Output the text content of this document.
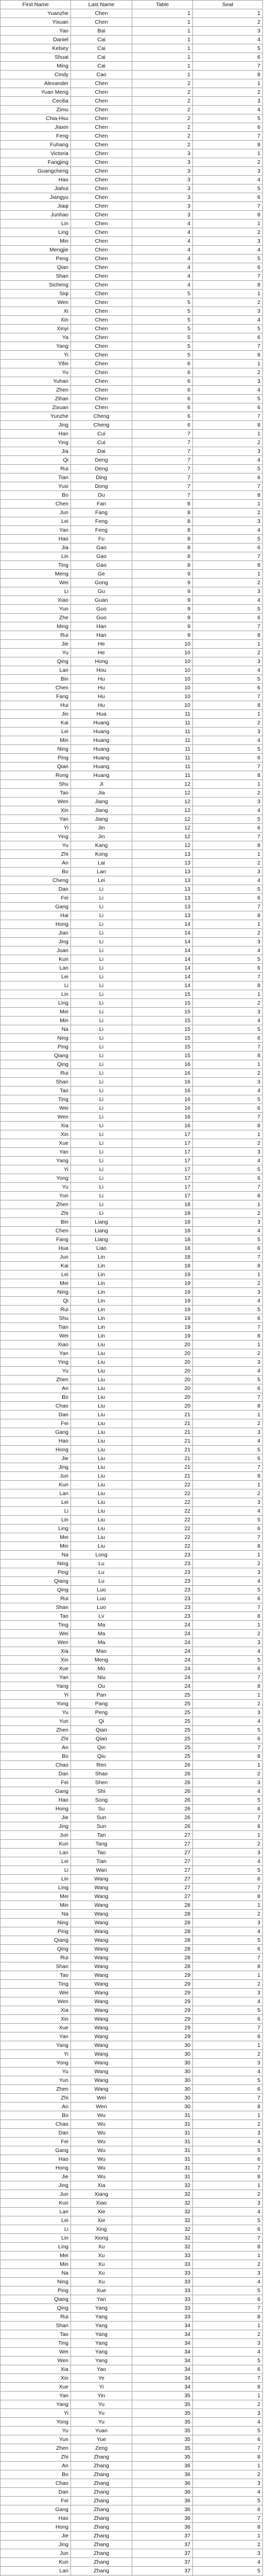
First Name	Last Name	Table	Seat
Yuanzhe	Chen	1	1
Yixuan	Chen	1	2
Yao	Bai	1	3
Daniel	Cai	1	4
Kelsey	Cai	1	5
Shuai	Cai	1	6
Ming	Cai	1	7
Cindy	Cao	1	8
Alexander	Chen	2	1
Yuan Meng	Chen	2	2
Cecilia	Chen	2	3
Zimu	Chen	2	4
Chia-Hsu	Chen	2	5
Jiaxin	Chen	2	6
Feng	Chen	2	7
Fuhang	Chen	2	8
Victoria	Chen	3	1
Fangjing	Chen	3	2
Guangcheng	Chen	3	3
Hao	Chen	3	4
Jiahui	Chen	3	5
Jiangyu	Chen	3	6
Jiaqi	Chen	3	7
Junhao	Chen	3	8
Lin	Chen	4	1
Ling	Chen	4	2
Min	Chen	4	3
Mengjie	Chen	4	4
Peng	Chen	4	5
Qian	Chen	4	6
Shan	Chen	4	7
Sicheng	Chen	4	8
Siqi	Chen	5	1
Wen	Chen	5	2
Xi	Chen	5	3
Xin	Chen	5	4
Xinyi	Chen	5	5
Ya	Chen	5	6
Yang	Chen	5	7
Yi	Chen	5	8
Yifei	Chen	6	1
Yu	Chen	6	2
Yuhan	Chen	6	3
Zhen	Chen	6	4
Zihan	Chen	6	5
Zixuan	Chen	6	6
Yunzhe	Cheng	6	7
Jing	Cheng	6	8
Han	Cui	7	1
Ying	Cui	7	2
Jia	Dai	7	3
Qi	Deng	7	4
Rui	Deng	7	5
Tian	Ding	7	6
Yuxi	Dong	7	7
Bo	Du	7	8
Chen	Fan	8	1
Jun	Fang	8	2
Lei	Feng	8	3
Yan	Feng	8	4
Hao	Fu	8	5
Jia	Gao	8	6
Lin	Gao	8	7
Ting	Gao	8	8
Meng	Ge	9	1
Wei	Gong	9	2
Li	Gu	9	3
Xiao	Guan	9	4
Yun	Guo	9	5
Zhe	Guo	9	6
Ming	Han	9	7
Rui	Han	9	8
Jie	He	10	1
Yu	He	10	2
Qing	Hong	10	3
Lan	Hou	10	4
Bin	Hu	10	5
Chen	Hu	10	6
Fang	Hu	10	7
Hui	Hu	10	8
Jin	Hua	11	1
Kai	Huang	11	2
Lei	Huang	11	3
Min	Huang	11	4
Ning	Huang	11	5
Ping	Huang	11	6
Qian	Huang	11	7
Rong	Huang	11	8
Shu	Ji	12	1
Tao	Jia	12	2
Wen	Jiang	12	3
Xin	Jiang	12	4
Yan	Jiang	12	5
Yi	Jin	12	6
Ying	Jin	12	7
Yu	Kang	12	8
Zhi	Kong	13	1
An	Lai	13	2
Bo	Lan	13	3
Cheng	Lei	13	4
Dan	Li	13	5
Fei	Li	13	6
Gang	Li	13	7
Hai	Li	13	8
Hong	Li	14	1
Jian	Li	14	2
Jing	Li	14	3
Juan	Li	14	4
Kun	Li	14	5
Lan	Li	14	6
Lei	Li	14	7
Li	Li	14	8
Lin	Li	15	1
Ling	Li	15	2
Mei	Li	15	3
Min	Li	15	4
Na	Li	15	5
Ning	Li	15	6
Ping	Li	15	7
Qiang	Li	15	8
Qing	Li	16	1
Rui	Li	16	2
Shan	Li	16	3
Tao	Li	16	4
Ting	Li	16	5
Wei	Li	16	6
Wen	Li	16	7
Xia	Li	16	8
Xin	Li	17	1
Xue	Li	17	2
Yan	Li	17	3
Yang	Li	17	4
Yi	Li	17	5
Yong	Li	17	6
Yu	Li	17	7
Yun	Li	17	8
Zhen	Li	18	1
Zhi	Li	18	2
Bin	Liang	18	3
Chen	Liang	18	4
Fang	Liang	18	5
Hua	Liao	18	6
Jun	Lin	18	7
Kai	Lin	18	8
Lei	Lin	19	1
Mei	Lin	19	2
Ning	Lin	19	3
Qi	Lin	19	4
Rui	Lin	19	5
Shu	Lin	19	6
Tian	Lin	19	7
Wei	Lin	19	8
Xiao	Liu	20	1
Yan	Liu	20	2
Ying	Liu	20	3
Yu	Liu	20	4
Zhen	Liu	20	5
An	Liu	20	6
Bo	Liu	20	7
Chao	Liu	20	8
Dan	Liu	21	1
Fei	Liu	21	2
Gang	Liu	21	3
Hao	Liu	21	4
Hong	Liu	21	5
Jie	Liu	21	6
Jing	Liu	21	7
Jun	Liu	21	8
Kun	Liu	22	1
Lan	Liu	22	2
Lei	Liu	22	3
Li	Liu	22	4
Lin	Liu	22	5
Ling	Liu	22	6
Mei	Liu	22	7
Min	Liu	22	8
Na	Long	23	1
Ning	Lu	23	2
Ping	Lu	23	3
Qiang	Lu	23	4
Qing	Luo	23	5
Rui	Luo	23	6
Shan	Luo	23	7
Tao	Lv	23	8
Ting	Ma	24	1
Wei	Ma	24	2
Wen	Ma	24	3
Xia	Mao	24	4
Xin	Meng	24	5
Xue	Mo	24	6
Yan	Niu	24	7
Yang	Ou	24	8
Yi	Pan	25	1
Yong	Pang	25	2
Yu	Peng	25	3
Yun	Qi	25	4
Zhen	Qian	25	5
Zhi	Qiao	25	6
An	Qin	25	7
Bo	Qiu	25	8
Chao	Ren	26	1
Dan	Shao	26	2
Fei	Shen	26	3
Gang	Shi	26	4
Hao	Song	26	5
Hong	Su	26	6
Jie	Sun	26	7
Jing	Sun	26	8
Jun	Tan	27	1
Kun	Tang	27	2
Lan	Tao	27	3
Lei	Tian	27	4
Li	Wan	27	5
Lin	Wang	27	6
Ling	Wang	27	7
Mei	Wang	27	8
Min	Wang	28	1
Na	Wang	28	2
Ning	Wang	28	3
Ping	Wang	28	4
Qiang	Wang	28	5
Qing	Wang	28	6
Rui	Wang	28	7
Shan	Wang	28	8
Tao	Wang	29	1
Ting	Wang	29	2
Wei	Wang	29	3
Wen	Wang	29	4
Xia	Wang	29	5
Xin	Wang	29	6
Xue	Wang	29	7
Yan	Wang	29	8
Yang	Wang	30	1
Yi	Wang	30	2
Yong	Wang	30	3
Yu	Wang	30	4
Yun	Wang	30	5
Zhen	Wang	30	6
Zhi	Wei	30	7
An	Wen	30	8
Bo	Wu	31	1
Chao	Wu	31	2
Dan	Wu	31	3
Fei	Wu	31	4
Gang	Wu	31	5
Hao	Wu	31	6
Hong	Wu	31	7
Jie	Wu	31	8
Jing	Xia	32	1
Jun	Xiang	32	2
Kun	Xiao	32	3
Lan	Xie	32	4
Lei	Xie	32	5
Li	Xing	32	6
Lin	Xiong	32	7
Ling	Xu	32	8
Mei	Xu	33	1
Min	Xu	33	2
Na	Xu	33	3
Ning	Xu	33	4
Ping	Xue	33	5
Qiang	Yan	33	6
Qing	Yang	33	7
Rui	Yang	33	8
Shan	Yang	34	1
Tao	Yang	34	2
Ting	Yang	34	3
Wei	Yang	34	4
Wen	Yang	34	5
Xia	Yao	34	6
Xin	Ye	34	7
Xue	Yi	34	8
Yan	Yin	35	1
Yang	Yu	35	2
Yi	Yu	35	3
Yong	Yu	35	4
Yu	Yuan	35	5
Yun	Yue	35	6
Zhen	Zeng	35	7
Zhi	Zhang	35	8
An	Zhang	36	1
Bo	Zhang	36	2
Chao	Zhang	36	3
Dan	Zhang	36	4
Fei	Zhang	36	5
Gang	Zhang	36	6
Hao	Zhang	36	7
Hong	Zhang	36	8
Jie	Zhang	37	1
Jing	Zhang	37	2
Jun	Zhang	37	3
Kun	Zhang	37	4
Lan	Zhang	37	5
